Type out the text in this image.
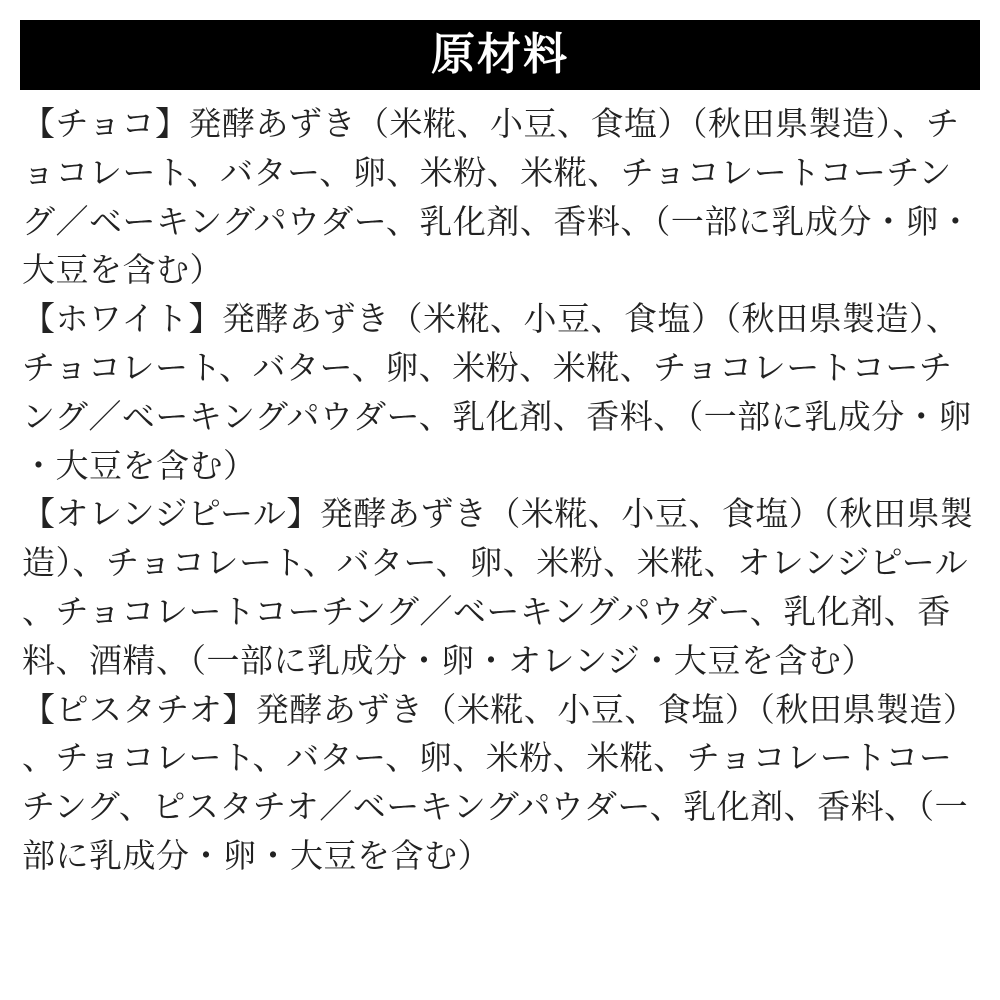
原材料

【チョコ】発酵あずき（米糀、小豆、食塩）（秋田県製造）、チョコレート、バター、卵、米粉、米糀、チョコレートコーチング／ベーキングパウダー、乳化剤、香料、（一部に乳成分・卵・大豆を含む）

【ホワイト】発酵あずき（米糀、小豆、食塩）（秋田県製造）、チョコレート、バター、卵、米粉、米糀、チョコレートコーチング／ベーキングパウダー、乳化剤、香料、（一部に乳成分・卵・大豆を含む）

【オレンジピール】発酵あずき（米糀、小豆、食塩）（秋田県製造）、チョコレート、バター、卵、米粉、米糀、オレンジピール、チョコレートコーチング／ベーキングパウダー、乳化剤、香料、酒精、（一部に乳成分・卵・オレンジ・大豆を含む）

【ピスタチオ】発酵あずき（米糀、小豆、食塩）（秋田県製造）、チョコレート、バター、卵、米粉、米糀、チョコレートコーチング、ピスタチオ／ベーキングパウダー、乳化剤、香料、（一部に乳成分・卵・大豆を含む）
